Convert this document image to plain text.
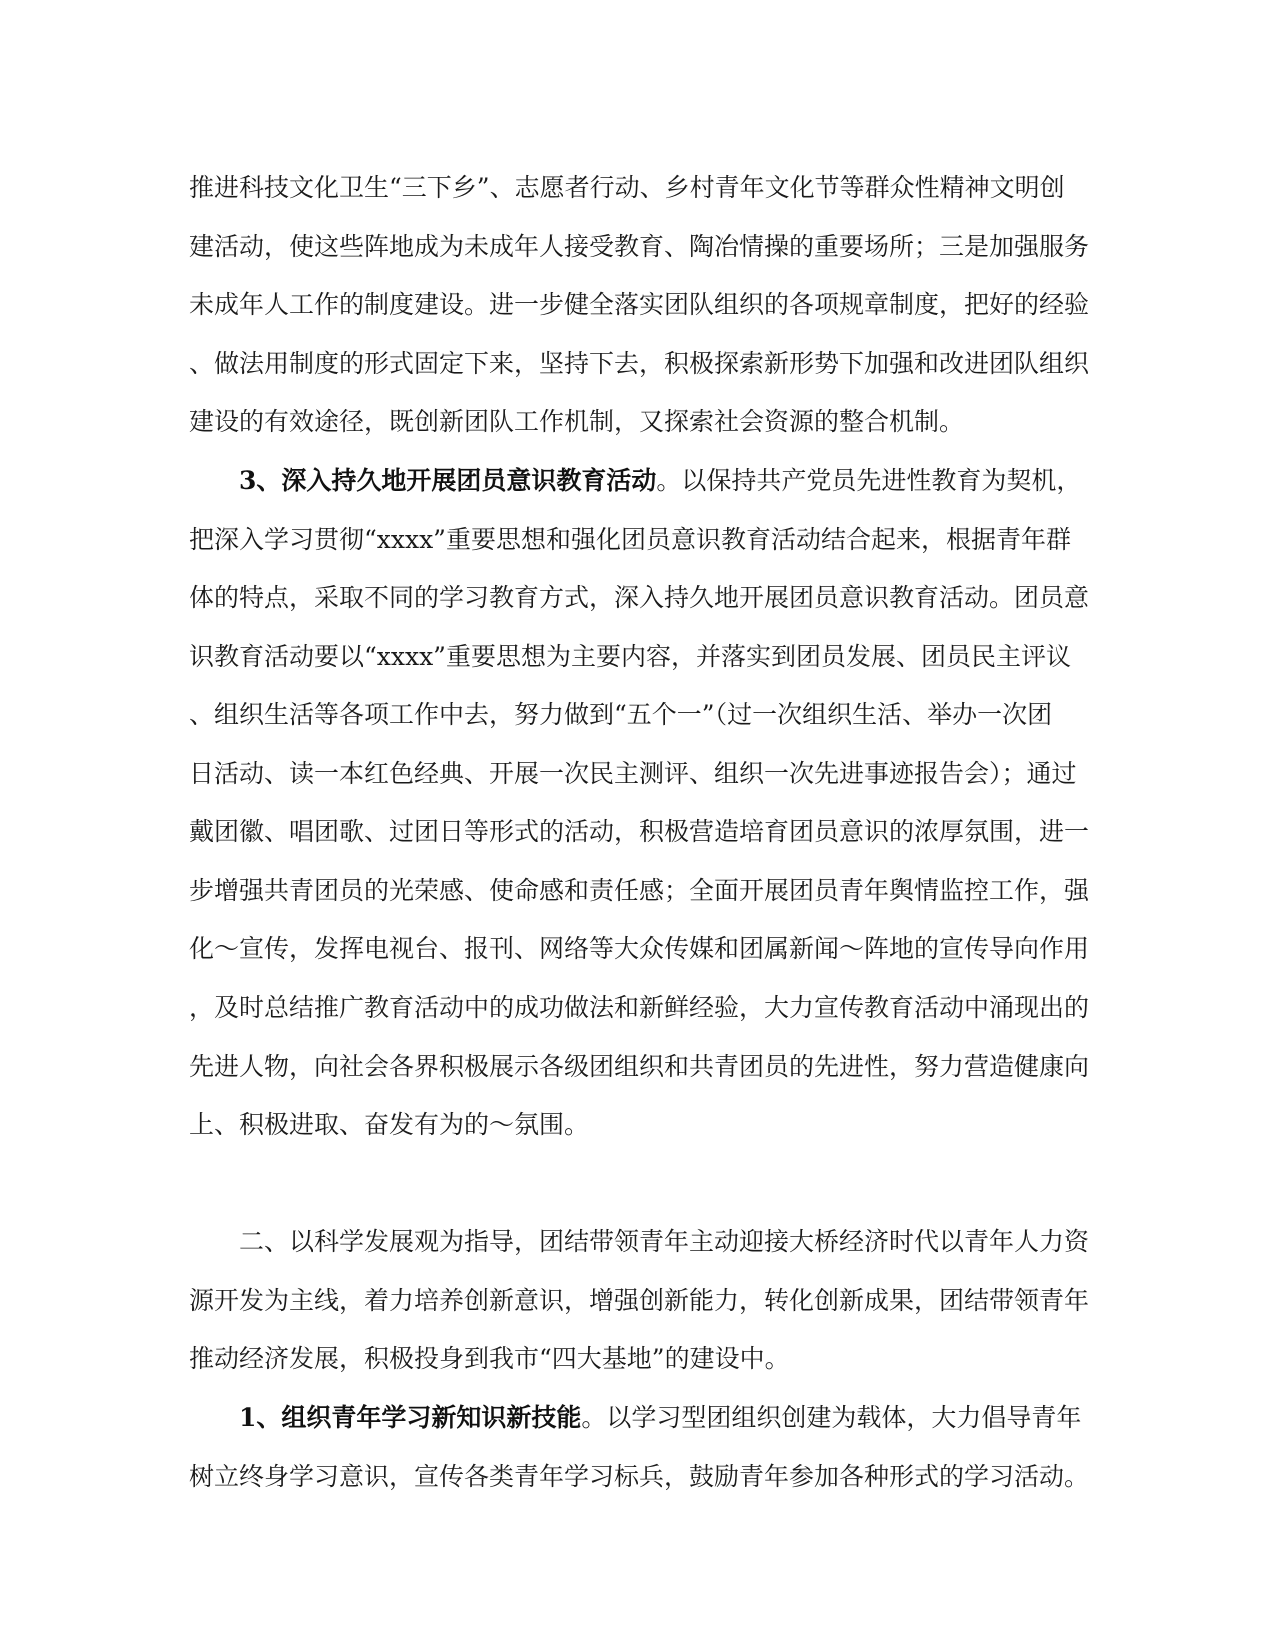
推进科技文化卫生“三下乡”、志愿者行动、乡村青年文化节等群众性精神文明创

建活动，使这些阵地成为未成年人接受教育、陶冶情操的重要场所；三是加强服务

未成年人工作的制度建设。进一步健全落实团队组织的各项规章制度，把好的经验

、做法用制度的形式固定下来，坚持下去，积极探索新形势下加强和改进团队组织

建设的有效途径，既创新团队工作机制，又探索社会资源的整合机制。

3、深入持久地开展团员意识教育活动。以保持共产党员先进性教育为契机，

把深入学习贯彻“xxxx”重要思想和强化团员意识教育活动结合起来，根据青年群

体的特点，采取不同的学习教育方式，深入持久地开展团员意识教育活动。团员意

识教育活动要以“xxxx”重要思想为主要内容，并落实到团员发展、团员民主评议

、组织生活等各项工作中去，努力做到“五个一”（过一次组织生活、举办一次团

日活动、读一本红色经典、开展一次民主测评、组织一次先进事迹报告会）；通过

戴团徽、唱团歌、过团日等形式的活动，积极营造培育团员意识的浓厚氛围，进一

步增强共青团员的光荣感、使命感和责任感；全面开展团员青年舆情监控工作，强

化～宣传，发挥电视台、报刊、网络等大众传媒和团属新闻～阵地的宣传导向作用

，及时总结推广教育活动中的成功做法和新鲜经验，大力宣传教育活动中涌现出的

先进人物，向社会各界积极展示各级团组织和共青团员的先进性，努力营造健康向

上、积极进取、奋发有为的～氛围。

二、以科学发展观为指导，团结带领青年主动迎接大桥经济时代以青年人力资

源开发为主线，着力培养创新意识，增强创新能力，转化创新成果，团结带领青年

推动经济发展，积极投身到我市“四大基地”的建设中。

1、组织青年学习新知识新技能。以学习型团组织创建为载体，大力倡导青年

树立终身学习意识，宣传各类青年学习标兵，鼓励青年参加各种形式的学习活动。
